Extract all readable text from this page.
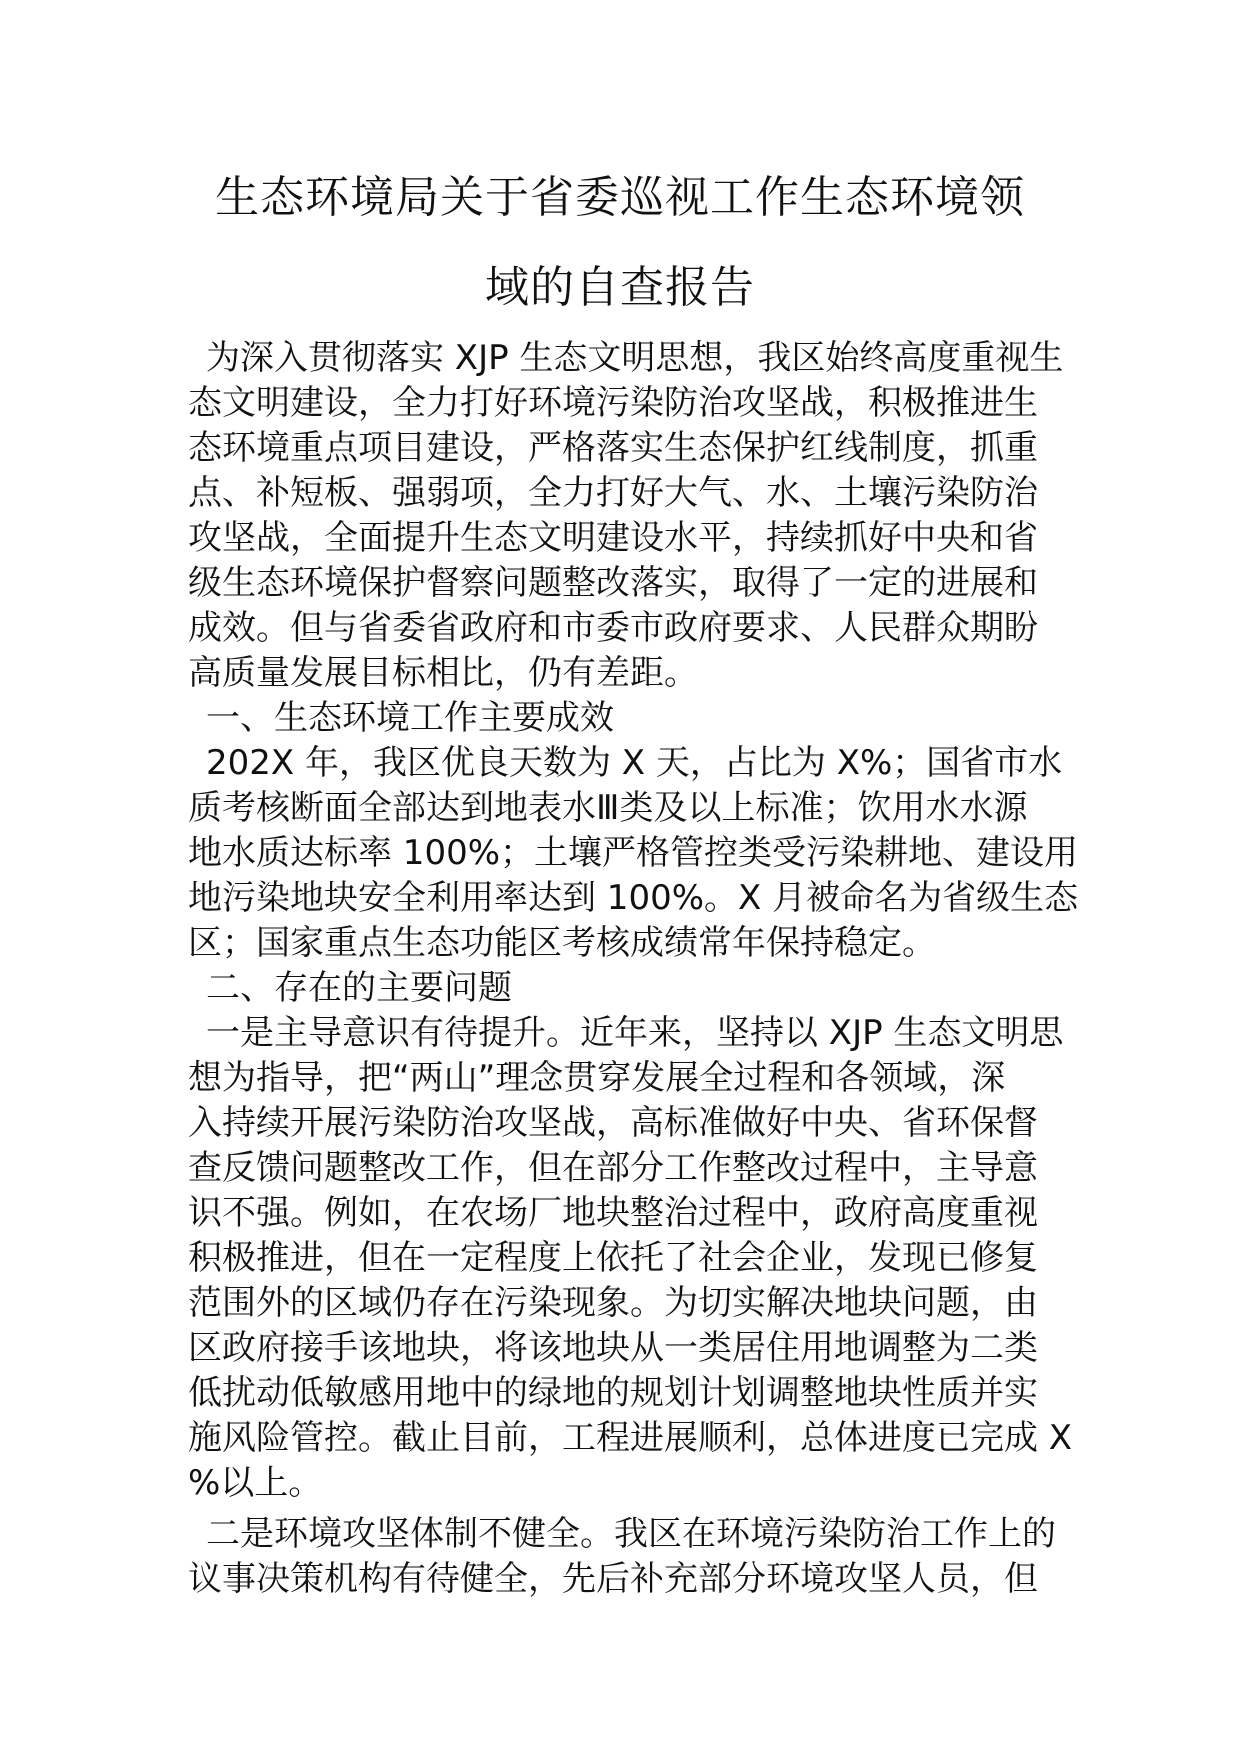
生态环境局关于省委巡视工作生态环境领
域的自查报告
为深入贯彻落实 XJP 生态文明思想，我区始终高度重视生
态文明建设，全力打好环境污染防治攻坚战，积极推进生
态环境重点项目建设，严格落实生态保护红线制度，抓重
点、补短板、强弱项，全力打好大气、水、土壤污染防治
攻坚战，全面提升生态文明建设水平，持续抓好中央和省
级生态环境保护督察问题整改落实，取得了一定的进展和
成效。但与省委省政府和市委市政府要求、人民群众期盼
高质量发展目标相比，仍有差距。
一、生态环境工作主要成效
202X 年，我区优良天数为 X 天，占比为 X%；国省市水
质考核断面全部达到地表水Ⅲ类及以上标准；饮用水水源
地水质达标率 100%；土壤严格管控类受污染耕地、建设用
地污染地块安全利用率达到 100%。X 月被命名为省级生态
区；国家重点生态功能区考核成绩常年保持稳定。
二、存在的主要问题
一是主导意识有待提升。近年来，坚持以 XJP 生态文明思
想为指导，把“两山”理念贯穿发展全过程和各领域，深
入持续开展污染防治攻坚战，高标准做好中央、省环保督
查反馈问题整改工作，但在部分工作整改过程中，主导意
识不强。例如，在农场厂地块整治过程中，政府高度重视
积极推进，但在一定程度上依托了社会企业，发现已修复
范围外的区域仍存在污染现象。为切实解决地块问题，由
区政府接手该地块，将该地块从一类居住用地调整为二类
低扰动低敏感用地中的绿地的规划计划调整地块性质并实
施风险管控。截止目前，工程进展顺利，总体进度已完成 X
%以上。
二是环境攻坚体制不健全。我区在环境污染防治工作上的
议事决策机构有待健全，先后补充部分环境攻坚人员，但
